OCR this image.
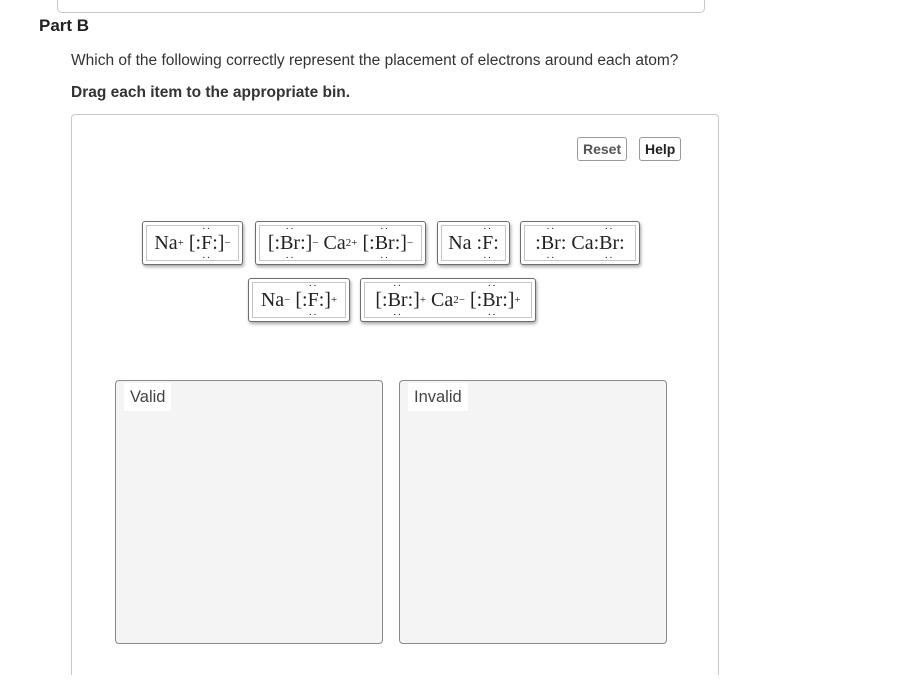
Part B
Which of the following correctly represent the placement of electrons around each atom?
Drag each item to the appropriate bin.
Reset	Help
Na + [:
··
F
··
:] − [:
··
Br
··
:] − Ca 2+ [:
··
Br
··
:] − Na :
··
F
··
: :
··
Br
··
: Ca :
··
Br
··
:
Na − [:
··
F
··
:] + [:
··
Br
··
:] + Ca 2− [:
··
Br
··
:] +
Valid	Invalid
